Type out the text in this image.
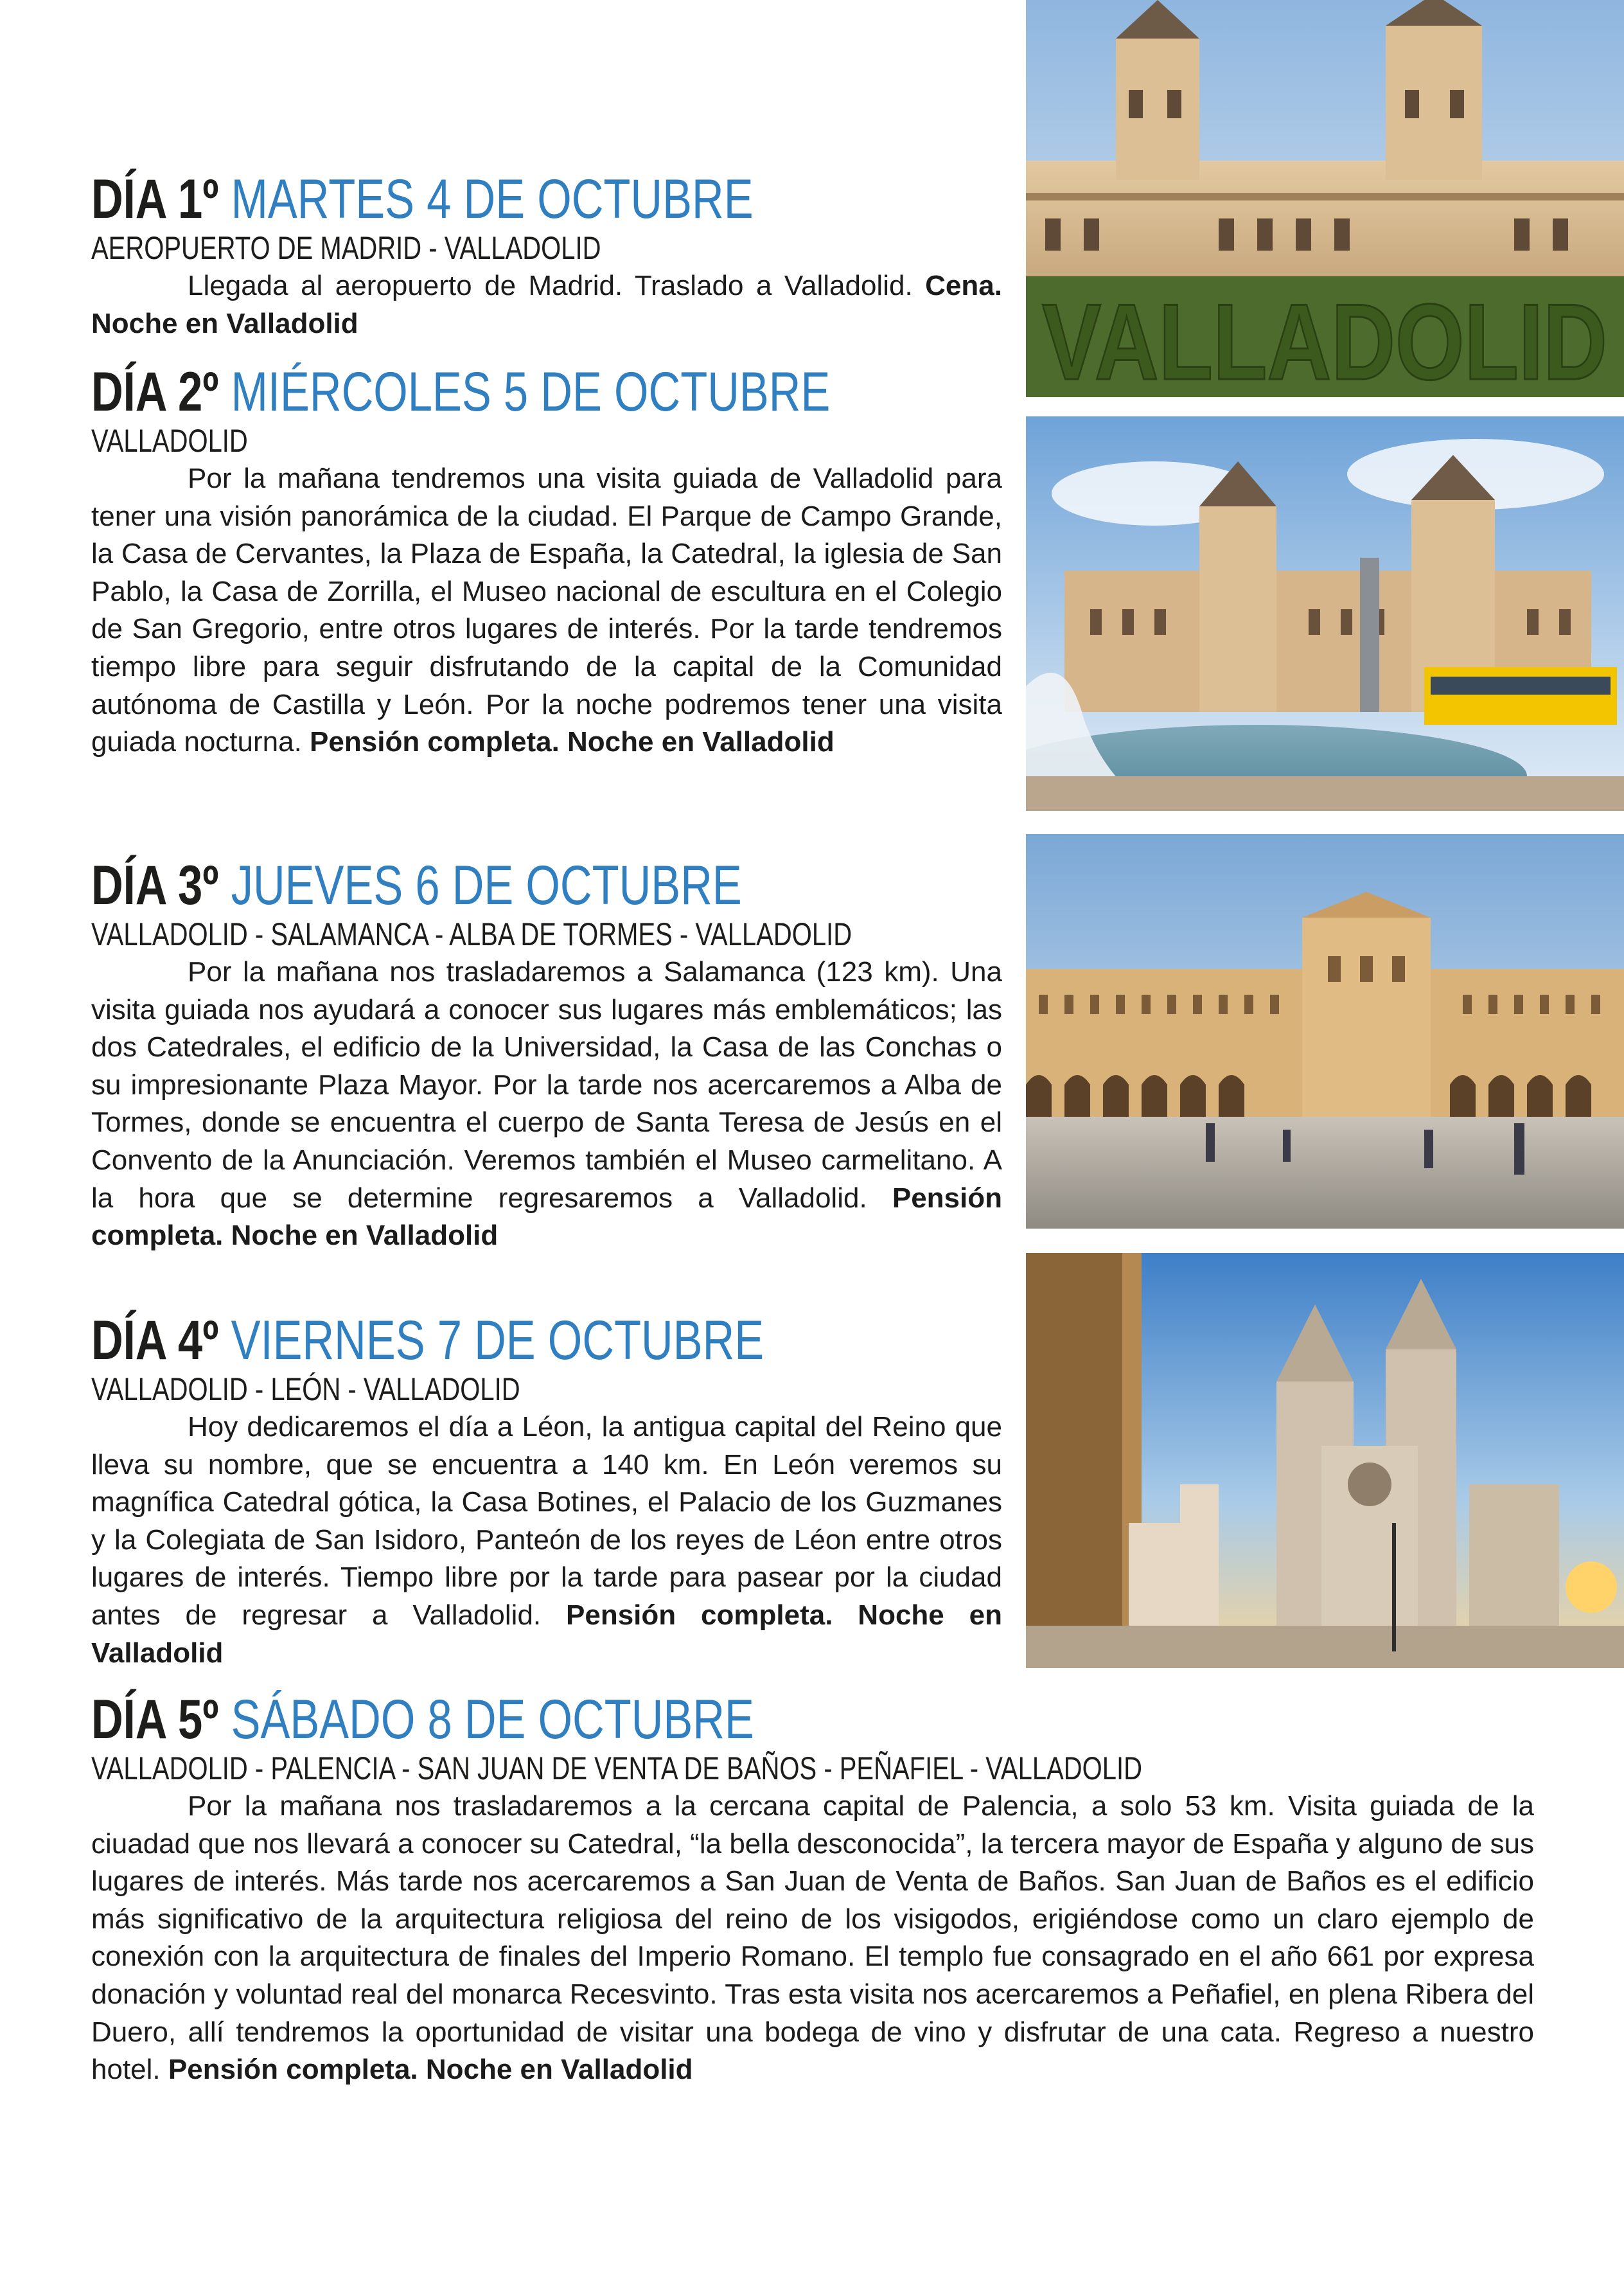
DÍA 1º MARTES 4 DE OCTUBRE
AEROPUERTO DE MADRID - VALLADOLID
Llegada al aeropuerto de Madrid. Traslado a Valladolid. Cena. Noche en Valladolid
DÍA 2º MIÉRCOLES 5 DE OCTUBRE
VALLADOLID
Por la mañana tendremos una visita guiada de Valladolid para tener una visión panorámica de la ciudad. El Parque de Campo Grande, la Casa de Cervantes, la Plaza de España, la Catedral, la iglesia de San Pablo, la Casa de Zorrilla, el Museo nacional de escultura en el Colegio de San Gregorio, entre otros lugares de interés. Por la tarde tendremos tiempo libre para seguir disfrutando de la capital de la Comunidad autónoma de Castilla y León. Por la noche podremos tener una visita guiada nocturna. Pensión completa. Noche en Valladolid
DÍA 3º JUEVES 6 DE OCTUBRE
VALLADOLID - SALAMANCA - ALBA DE TORMES - VALLADOLID
Por la mañana nos trasladaremos a Salamanca (123 km). Una visita guiada nos ayudará a conocer sus lugares más emblemáticos; las dos Catedrales, el edificio de la Universidad, la Casa de las Conchas o su impresionante Plaza Mayor. Por la tarde nos acercaremos a Alba de Tormes, donde se encuentra el cuerpo de Santa Teresa de Jesús en el Convento de la Anunciación. Veremos también el Museo carmelitano. A la hora que se determine regresaremos a Valladolid. Pensión completa. Noche en Valladolid
DÍA 4º VIERNES 7 DE OCTUBRE
VALLADOLID - LEÓN - VALLADOLID
Hoy dedicaremos el día a Léon, la antigua capital del Reino que lleva su nombre, que se encuentra a 140 km. En León veremos su magnífica Catedral gótica, la Casa Botines, el Palacio de los Guzmanes y la Colegiata de San Isidoro, Panteón de los reyes de Léon entre otros lugares de interés. Tiempo libre por la tarde para pasear por la ciudad antes de regresar a Valladolid. Pensión completa. Noche en Valladolid
DÍA 5º SÁBADO 8 DE OCTUBRE
VALLADOLID - PALENCIA - SAN JUAN DE VENTA DE BAÑOS - PEÑAFIEL - VALLADOLID
Por la mañana nos trasladaremos a la cercana capital de Palencia, a solo 53 km. Visita guiada de la ciuadad que nos llevará a conocer su Catedral, “la bella desconocida”, la tercera mayor de España y alguno de sus lugares de interés. Más tarde nos acercaremos a San Juan de Venta de Baños. San Juan de Baños es el edificio más significativo de la arquitectura religiosa del reino de los visigodos, erigiéndose como un claro ejemplo de conexión con la arquitectura de finales del Imperio Romano. El templo fue consagrado en el año 661 por expresa donación y voluntad real del monarca Recesvinto. Tras esta visita nos acercaremos a Peñafiel, en plena Ribera del Duero, allí tendremos la oportunidad de visitar una bodega de vino y disfrutar de una cata. Regreso a nuestro hotel. Pensión completa. Noche en Valladolid
VALLADOLID
